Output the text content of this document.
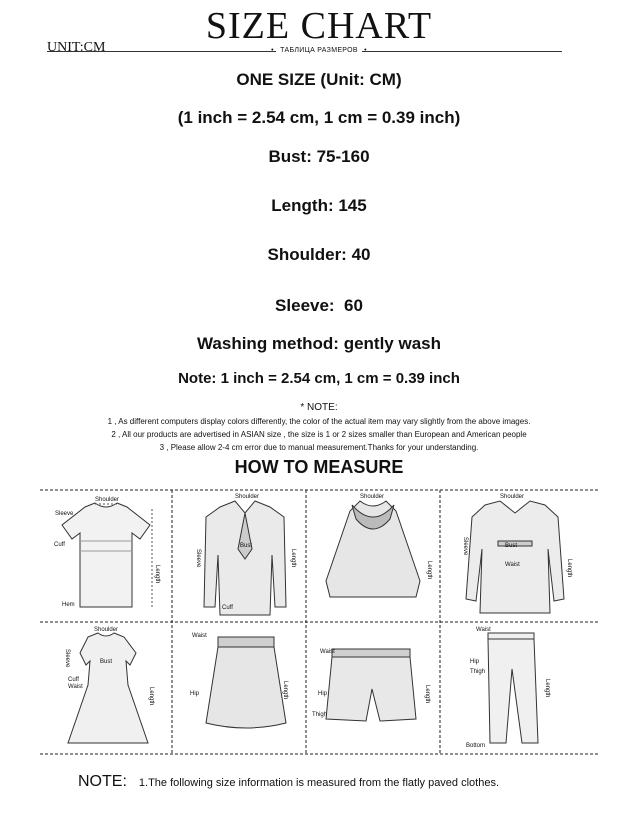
SIZE CHART
UNIT:CM	• ТАБЛИЦА РАЗМЕРОВ •
ONE SIZE (Unit: CM)
(1 inch = 2.54 cm, 1 cm = 0.39 inch)
Bust: 75-160
Length: 145
Shoulder: 40
Sleeve:  60
Washing method: gently wash
Note: 1 inch = 2.54 cm, 1 cm = 0.39 inch
* NOTE:
1 , As different computers display colors differently, the color of the actual item may vary slightly from the above images.
2 , All our products are advertised in ASIAN size , the size is 1 or 2 sizes smaller than European and American people
3 , Please allow 2-4 cm error due to manual measurement.Thanks for your understanding.
HOW TO MEASURE
Shoulder
Sleeve
Cuff
Hem
Length
Shoulder
Sleeve
Bust
Cuff
Length
Shoulder
Length
Shoulder
Sleeve	Bust
Waist	Length
Shoulder
Sleeve	Bust
Cuff
Waist	Length
Waist
Hip	Length
Waist
Hip
Thigh
Length
Waist
Hip
Thigh
Bottom
Length
NOTE: 1.The following size information is measured from the flatly paved clothes.
